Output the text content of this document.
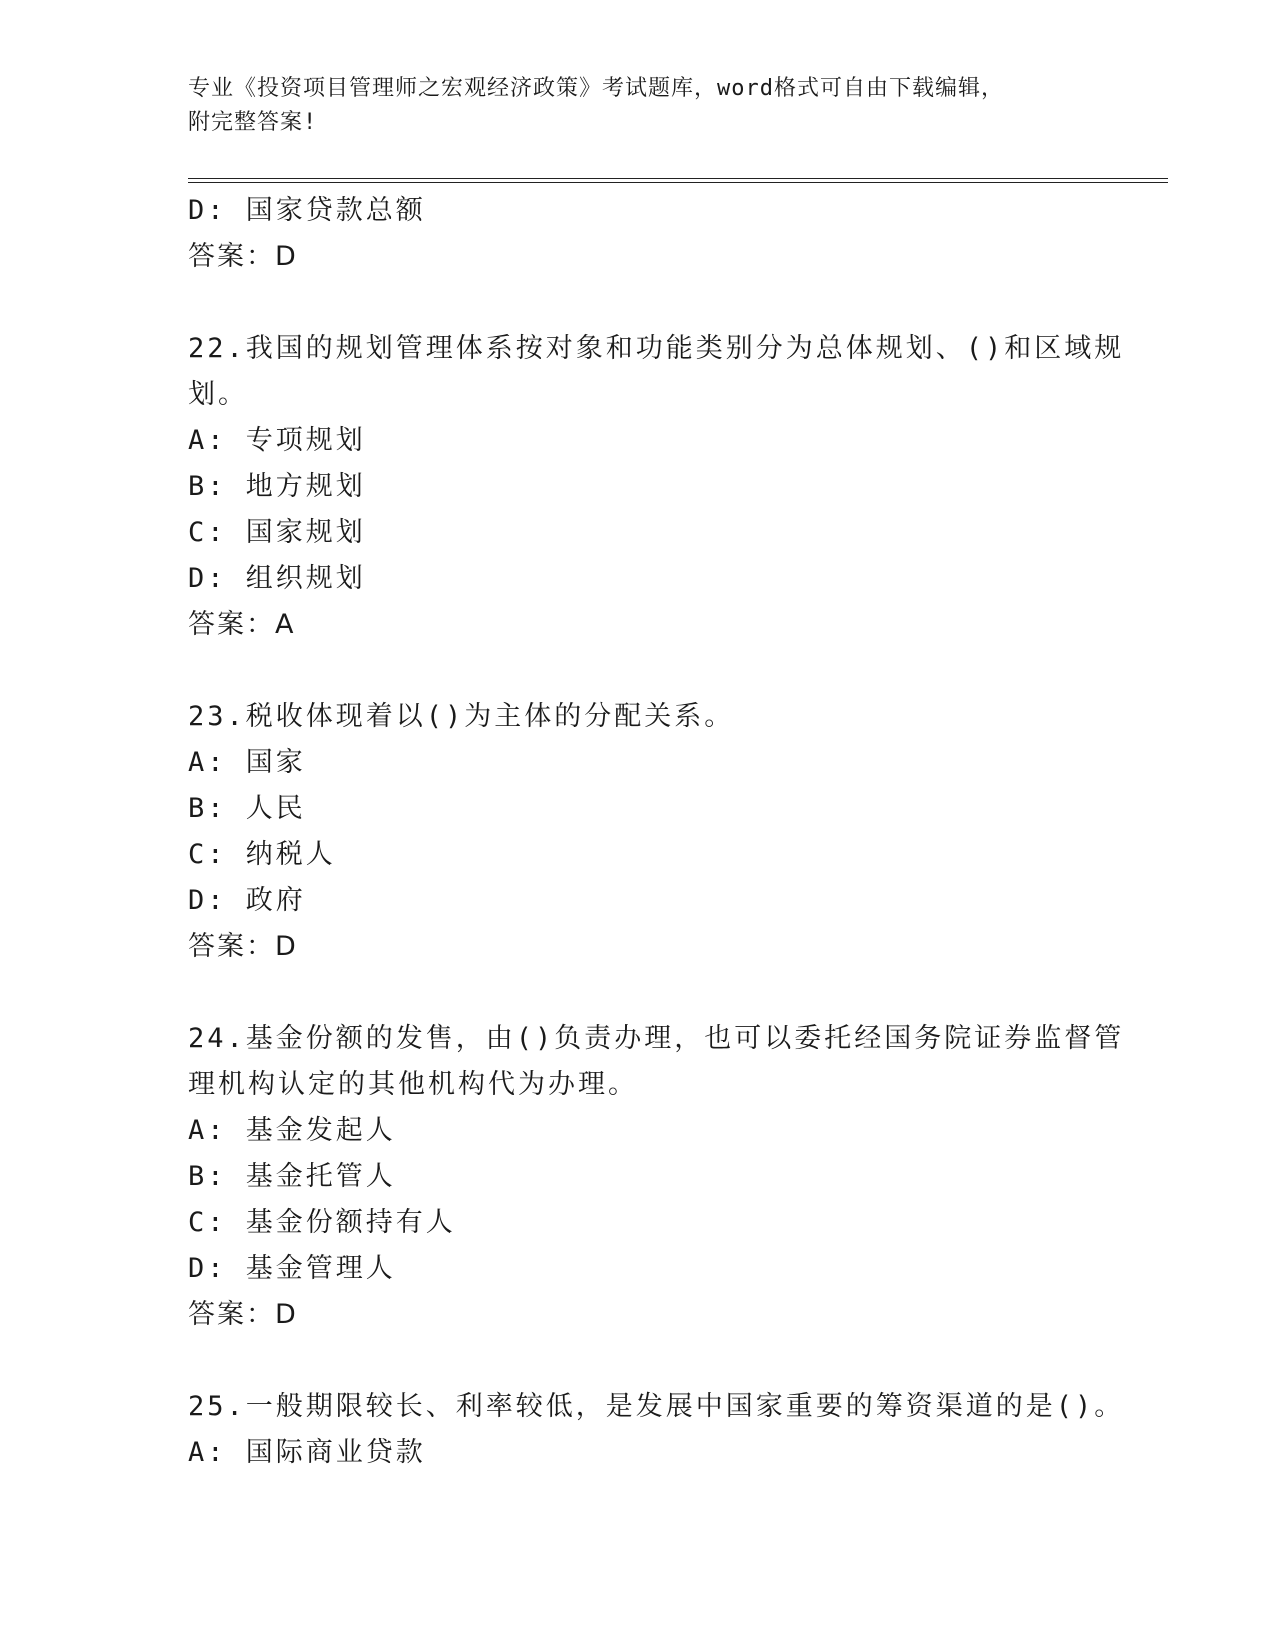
专业《投资项目管理师之宏观经济政策》考试题库，word格式可自由下载编辑，
附完整答案!
D: 国家贷款总额
答案：D
22.我国的规划管理体系按对象和功能类别分为总体规划、()和区域规
划。
A: 专项规划
B: 地方规划
C: 国家规划
D: 组织规划
答案：A
23.税收体现着以()为主体的分配关系。
A: 国家
B: 人民
C: 纳税人
D: 政府
答案：D
24.基金份额的发售，由()负责办理，也可以委托经国务院证券监督管
理机构认定的其他机构代为办理。
A: 基金发起人
B: 基金托管人
C: 基金份额持有人
D: 基金管理人
答案：D
25.一般期限较长、利率较低，是发展中国家重要的筹资渠道的是()。
A: 国际商业贷款
